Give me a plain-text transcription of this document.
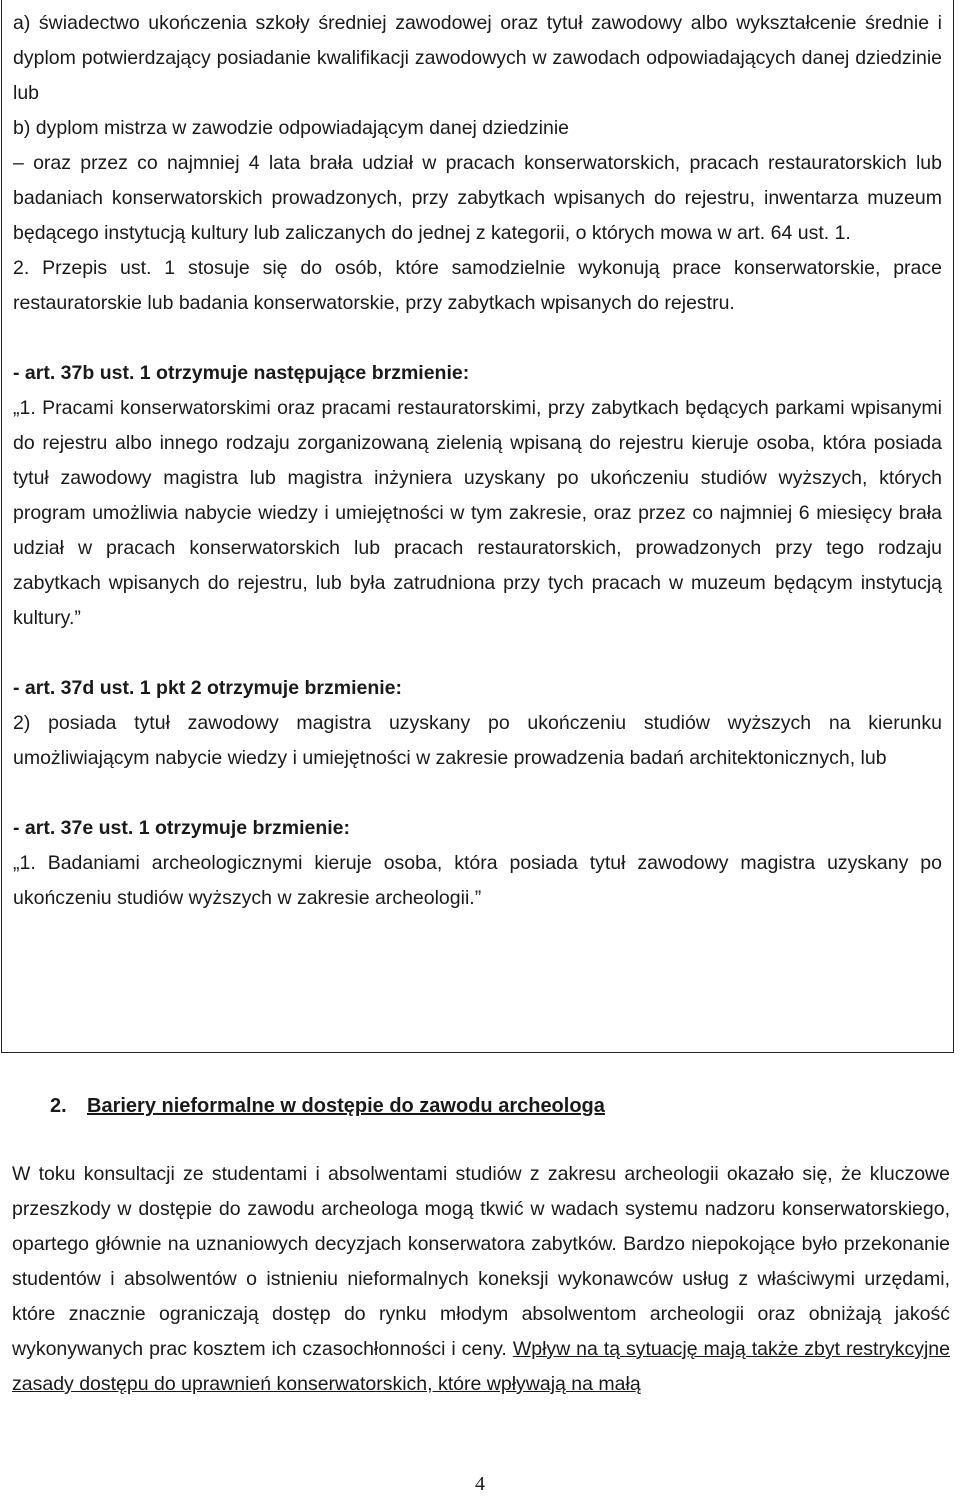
a) świadectwo ukończenia szkoły średniej zawodowej oraz tytuł zawodowy albo wykształcenie średnie i dyplom potwierdzający posiadanie kwalifikacji zawodowych w zawodach odpowiadających danej dziedzinie lub

b) dyplom mistrza w zawodzie odpowiadającym danej dziedzinie

– oraz przez co najmniej 4 lata brała udział w pracach konserwatorskich, pracach restauratorskich lub badaniach konserwatorskich prowadzonych, przy zabytkach wpisanych do rejestru, inwentarza muzeum będącego instytucją kultury lub zaliczanych do jednej z kategorii, o których mowa w art. 64 ust. 1.

2. Przepis ust. 1 stosuje się do osób, które samodzielnie wykonują prace konserwatorskie, prace restauratorskie lub badania konserwatorskie, przy zabytkach wpisanych do rejestru.

- art. 37b ust. 1 otrzymuje następujące brzmienie:

„1. Pracami konserwatorskimi oraz pracami restauratorskimi, przy zabytkach będących parkami wpisanymi do rejestru albo innego rodzaju zorganizowaną zielenią wpisaną do rejestru kieruje osoba, która posiada tytuł zawodowy magistra lub magistra inżyniera uzyskany po ukończeniu studiów wyższych, których program umożliwia nabycie wiedzy i umiejętności w tym zakresie, oraz przez co najmniej 6 miesięcy brała udział w pracach konserwatorskich lub pracach restauratorskich, prowadzonych przy tego rodzaju zabytkach wpisanych do rejestru, lub była zatrudniona przy tych pracach w muzeum będącym instytucją kultury.”

- art. 37d ust. 1 pkt 2 otrzymuje brzmienie:

2) posiada tytuł zawodowy magistra uzyskany po ukończeniu studiów wyższych na kierunku umożliwiającym nabycie wiedzy i umiejętności w zakresie prowadzenia badań architektonicznych, lub

- art. 37e ust. 1 otrzymuje brzmienie:

„1. Badaniami archeologicznymi kieruje osoba, która posiada tytuł zawodowy magistra uzyskany po ukończeniu studiów wyższych w zakresie archeologii.”

2. Bariery nieformalne w dostępie do zawodu archeologa

W toku konsultacji ze studentami i absolwentami studiów z zakresu archeologii okazało się, że kluczowe przeszkody w dostępie do zawodu archeologa mogą tkwić w wadach systemu nadzoru konserwatorskiego, opartego głównie na uznaniowych decyzjach konserwatora zabytków. Bardzo niepokojące było przekonanie studentów i absolwentów o istnieniu nieformalnych koneksji wykonawców usług z właściwymi urzędami, które znacznie ograniczają dostęp do rynku młodym absolwentom archeologii oraz obniżają jakość wykonywanych prac kosztem ich czasochłonności i ceny. Wpływ na tą sytuację mają także zbyt restrykcyjne zasady dostępu do uprawnień konserwatorskich, które wpływają na małą

4
